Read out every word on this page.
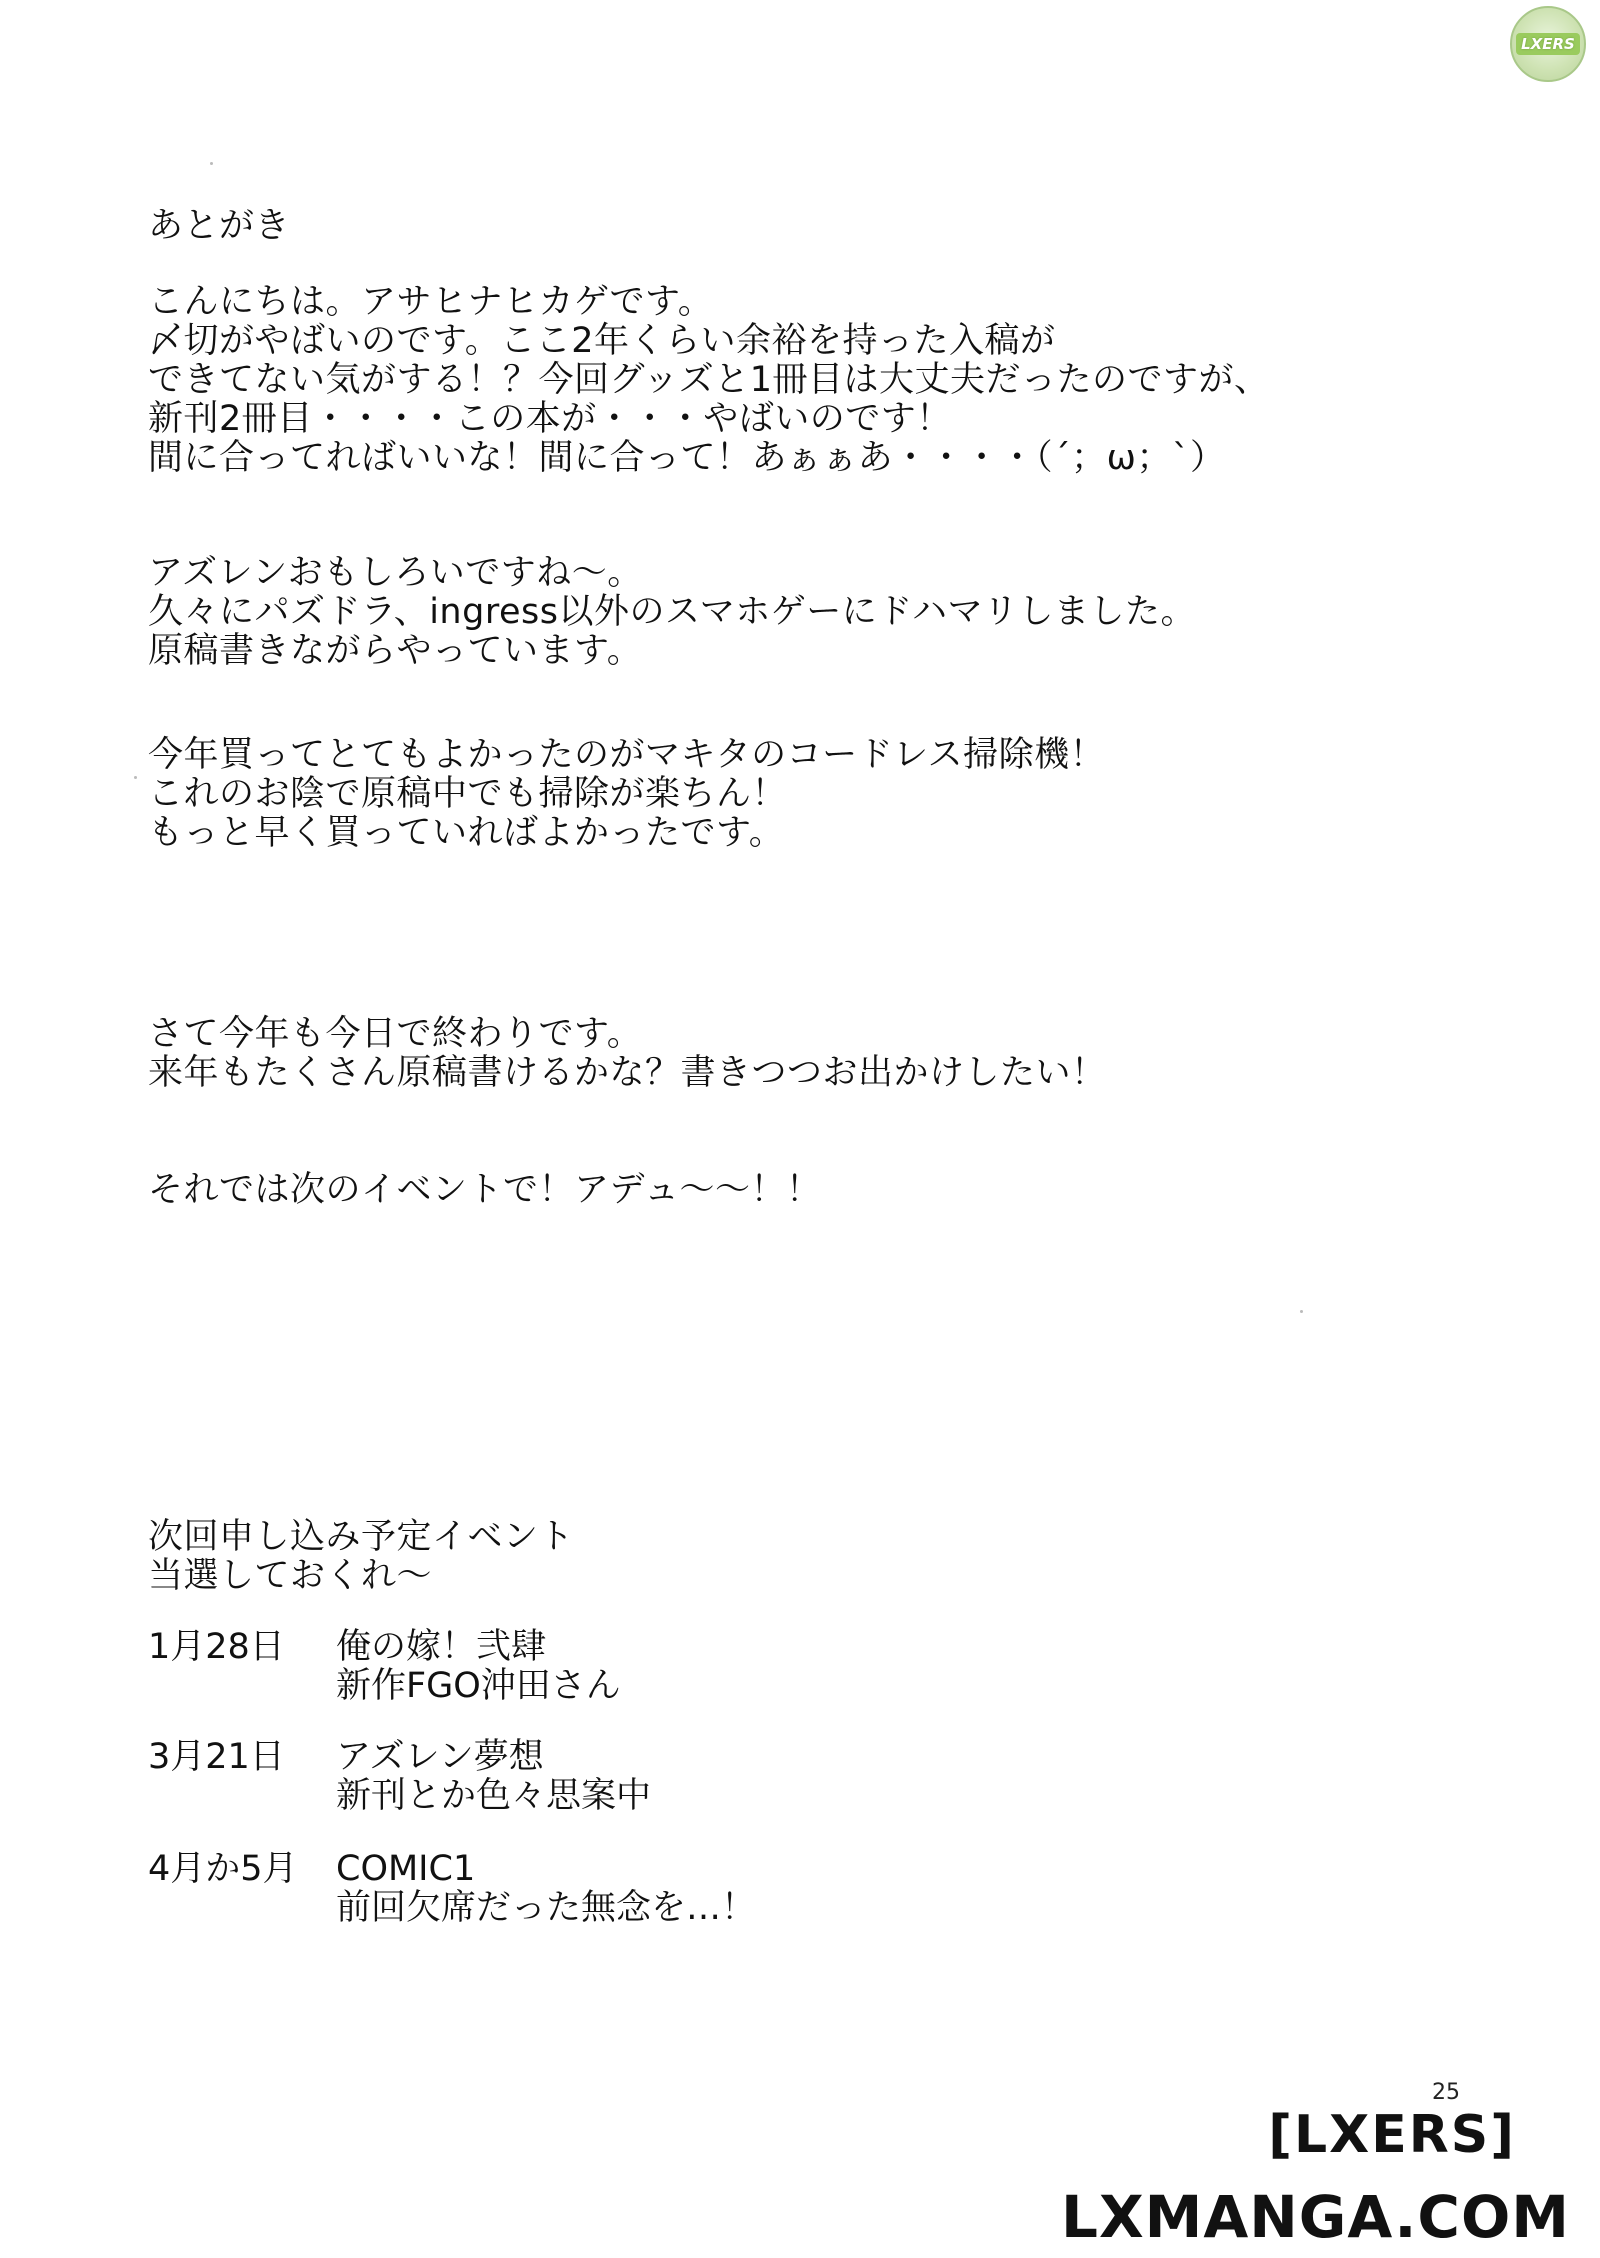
LXERS
あとがき
こんにちは。アサヒナヒカゲです。
〆切がやばいのです。ここ2年くらい余裕を持った入稿が
できてない気がする！？今回グッズと1冊目は大丈夫だったのですが、
新刊2冊目・・・・この本が・・・やばいのです！
間に合ってればいいな！間に合って！あぁぁあ・・・・（´；ω；`）
アズレンおもしろいですね～。
久々にパズドラ、ingress以外のスマホゲーにドハマリしました。
原稿書きながらやっています。
今年買ってとてもよかったのがマキタのコードレス掃除機！
これのお陰で原稿中でも掃除が楽ちん！
もっと早く買っていればよかったです。
さて今年も今日で終わりです。
来年もたくさん原稿書けるかな？書きつつお出かけしたい！
それでは次のイベントで！アデュ～～！！
次回申し込み予定イベント
当選しておくれ～
1月28日	俺の嫁！弐肆
新作FGO沖田さん
3月21日	アズレン夢想
新刊とか色々思案中
4月か5月	COMIC1
前回欠席だった無念を…！
25
[LXERS]
LXMANGA.COM
